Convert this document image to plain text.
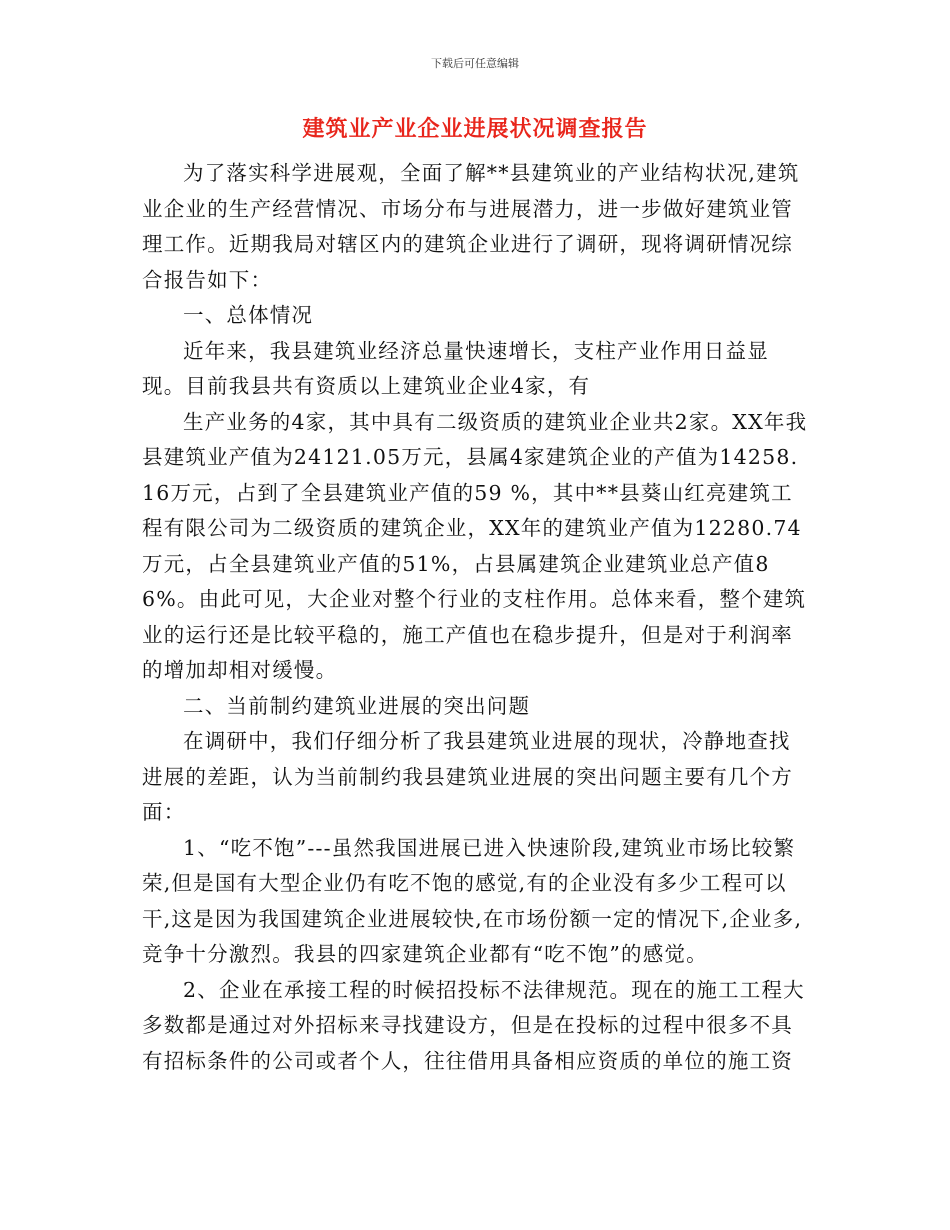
下载后可任意编辑
建筑业产业企业进展状况调查报告

为了落实科学进展观，全面了解**县建筑业的产业结构状况,建筑业企业的生产经营情况、市场分布与进展潜力，进一步做好建筑业管理工作。近期我局对辖区内的建筑企业进行了调研，现将调研情况综合报告如下：

一、总体情况

近年来，我县建筑业经济总量快速增长，支柱产业作用日益显现。目前我县共有资质以上建筑业企业4家，有

生产业务的4家，其中具有二级资质的建筑业企业共2家。XX年我县建筑业产值为24121.05万元，县属4家建筑企业的产值为14258.16万元，占到了全县建筑业产值的59 %，其中**县葵山红亮建筑工程有限公司为二级资质的建筑企业，XX年的建筑业产值为12280.74万元，占全县建筑业产值的51%，占县属建筑企业建筑业总产值86%。由此可见，大企业对整个行业的支柱作用。总体来看，整个建筑业的运行还是比较平稳的，施工产值也在稳步提升，但是对于利润率的增加却相对缓慢。

二、当前制约建筑业进展的突出问题

在调研中，我们仔细分析了我县建筑业进展的现状，冷静地查找进展的差距，认为当前制约我县建筑业进展的突出问题主要有几个方面：

1、“吃不饱”---虽然我国进展已进入快速阶段,建筑业市场比较繁荣,但是国有大型企业仍有吃不饱的感觉,有的企业没有多少工程可以干,这是因为我国建筑企业进展较快,在市场份额一定的情况下,企业多,竞争十分激烈。我县的四家建筑企业都有“吃不饱”的感觉。

2、企业在承接工程的时候招投标不法律规范。现在的施工工程大多数都是通过对外招标来寻找建设方，但是在投标的过程中很多不具有招标条件的公司或者个人，往往借用具备相应资质的单位的施工资
